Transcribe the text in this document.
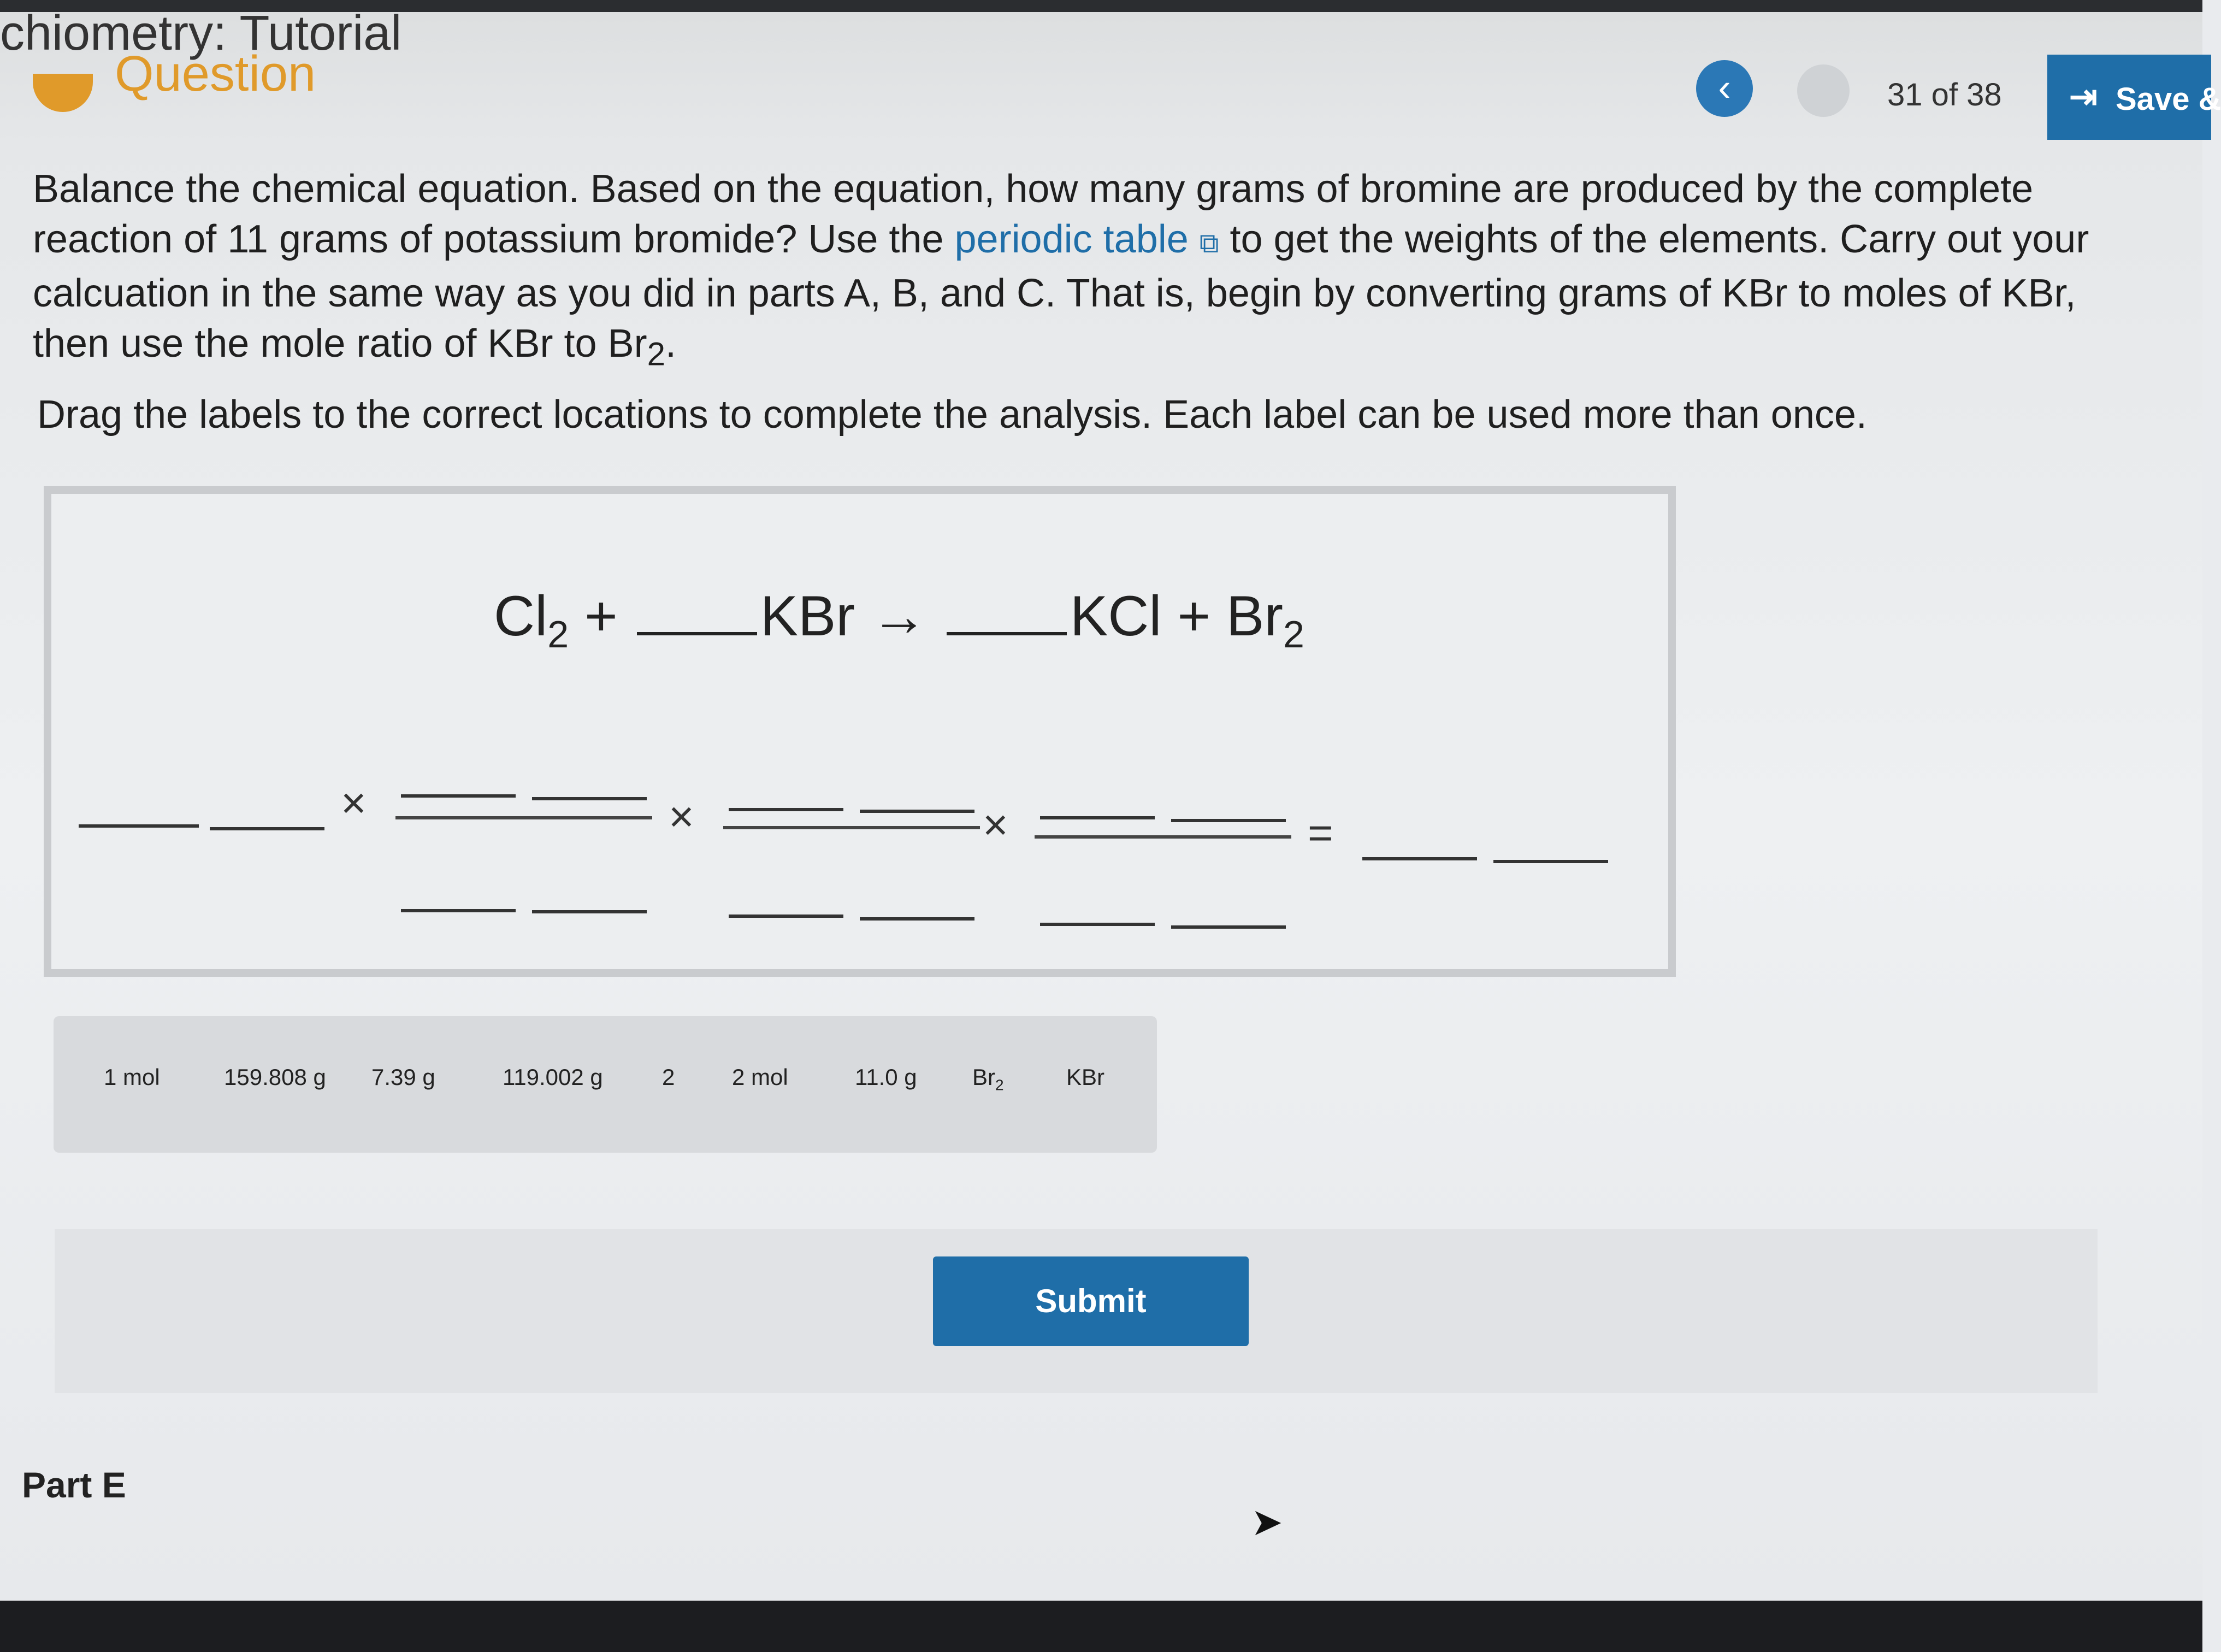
chiometry: Tutorial
Question	‹	31 of 38 ⇥ Save &
Balance the chemical equation. Based on the equation, how many grams of bromine are produced by the complete reaction of 11 grams of potassium bromide? Use the periodic table ⧉ to get the weights of the elements. Carry out your calcuation in the same way as you did in parts A, B, and C. That is, begin by converting grams of KBr to moles of KBr, then use the mole ratio of KBr to $Br_2$.
Drag the labels to the correct locations to complete the analysis. Each label can be used more than once.
$Cl_2$ + KBr → KCl + $Br_2$
×	×	×	=
1 mol	159.808 g 7.39 g	119.002 g	2 2 mol	11.0 g $Br_2$	KBr
Submit
Part E
➤
